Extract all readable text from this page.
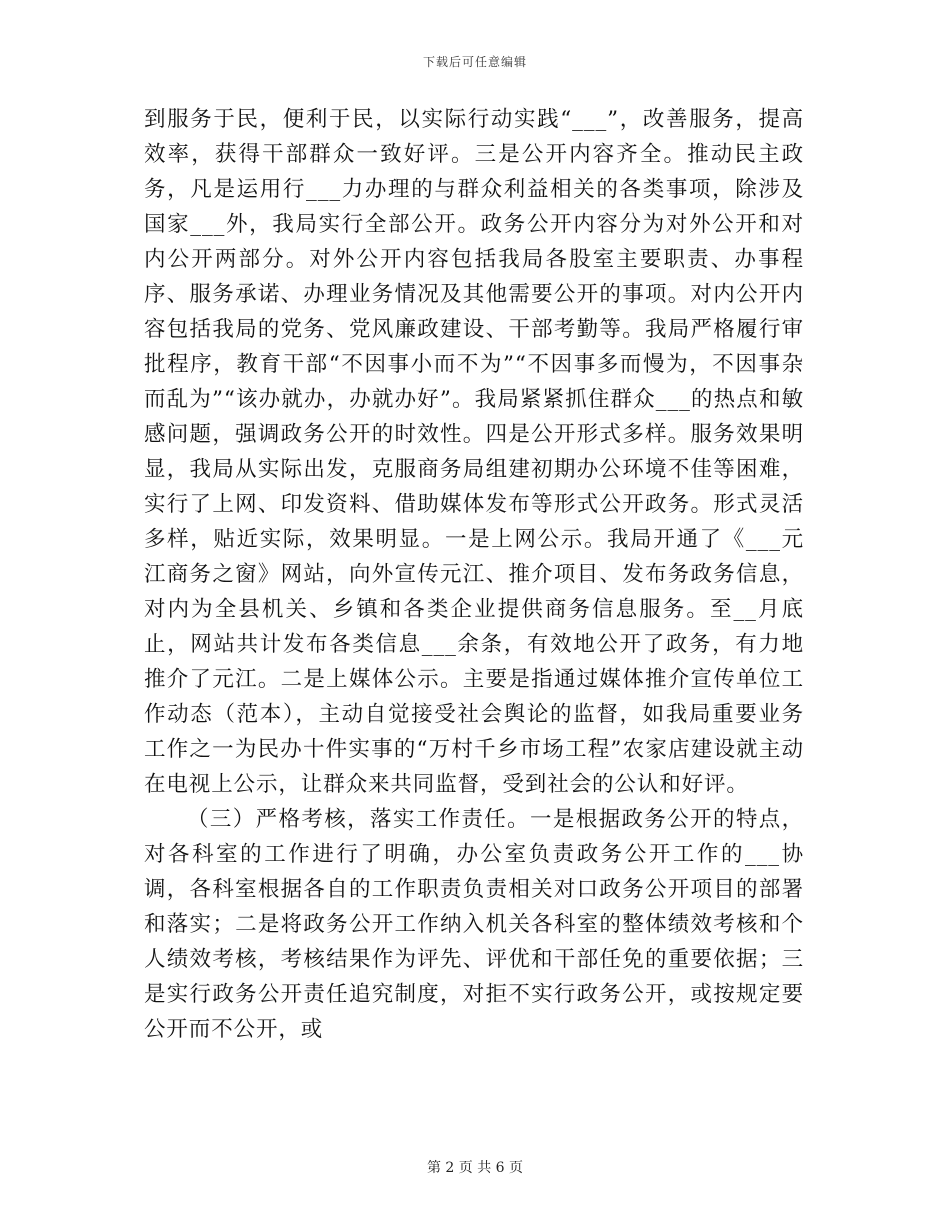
下载后可任意编辑

到服务于民，便利于民，以实际行动实践“___”，改善服务，提高效率，获得干部群众一致好评。三是公开内容齐全。推动民主政务，凡是运用行___力办理的与群众利益相关的各类事项，除涉及国家___外，我局实行全部公开。政务公开内容分为对外公开和对内公开两部分。对外公开内容包括我局各股室主要职责、办事程序、服务承诺、办理业务情况及其他需要公开的事项。对内公开内容包括我局的党务、党风廉政建设、干部考勤等。我局严格履行审批程序，教育干部“不因事小而不为”“不因事多而慢为，不因事杂而乱为”“该办就办，办就办好”。我局紧紧抓住群众___的热点和敏感问题，强调政务公开的时效性。四是公开形式多样。服务效果明显，我局从实际出发，克服商务局组建初期办公环境不佳等困难，实行了上网、印发资料、借助媒体发布等形式公开政务。形式灵活多样，贴近实际，效果明显。一是上网公示。我局开通了《___元江商务之窗》网站，向外宣传元江、推介项目、发布务政务信息，对内为全县机关、乡镇和各类企业提供商务信息服务。至__月底止，网站共计发布各类信息___余条，有效地公开了政务，有力地推介了元江。二是上媒体公示。主要是指通过媒体推介宣传单位工作动态（范本），主动自觉接受社会舆论的监督，如我局重要业务工作之一为民办十件实事的“万村千乡市场工程”农家店建设就主动在电视上公示，让群众来共同监督，受到社会的公认和好评。

（三）严格考核，落实工作责任。一是根据政务公开的特点，对各科室的工作进行了明确，办公室负责政务公开工作的___协调，各科室根据各自的工作职责负责相关对口政务公开项目的部署和落实；二是将政务公开工作纳入机关各科室的整体绩效考核和个人绩效考核，考核结果作为评先、评优和干部任免的重要依据；三是实行政务公开责任追究制度，对拒不实行政务公开，或按规定要公开而不公开，或

第 2 页 共 6 页
